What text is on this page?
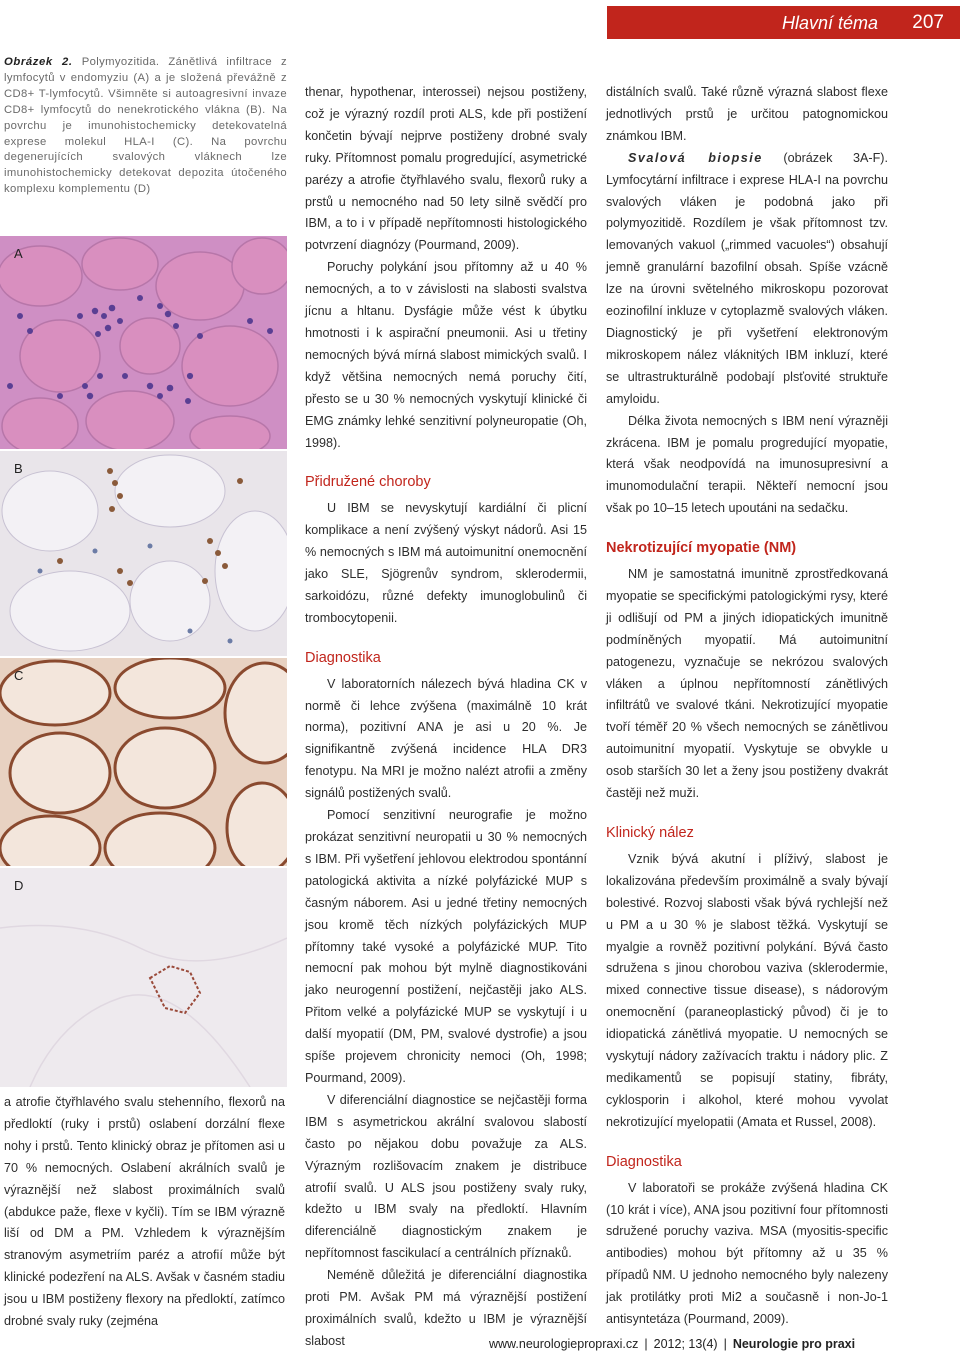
Hlavní téma 207
Obrázek 2. Polymyozitida. Zánětlivá infiltrace z lymfocytů v endomyziu (A) a je složená převážně z CD8+ T-lymfocytů. Všimněte si autoagresivní invaze CD8+ lymfocytů do nenekrotického vlákna (B). Na povrchu je imunohistochemicky detekovatelná exprese molekul HLA-I (C). Na povrchu degenerujících svalových vláknech lze imunohistochemicky detekovat depozita útočeného komplexu komplementu (D)
A
B
C
D

a atrofie čtyřhlavého svalu stehenního, flexorů na předloktí (ruky i prstů) oslabení dorzální flexe nohy i prstů. Tento klinický obraz je přítomen asi u 70 % nemocných. Oslabení akrálních svalů je výraznější než slabost proximálních svalů (abdukce paže, flexe v kyčli). Tím se IBM výrazně liší od DM a PM. Vzhledem k výraznějším stranovým asymetriím paréz a atrofií může být klinické podezření na ALS. Avšak v časném stadiu jsou u IBM postiženy flexory na předloktí, zatímco drobné svaly ruky (zejména

thenar, hypothenar, interossei) nejsou postiženy, což je výrazný rozdíl proti ALS, kde při postižení končetin bývají nejprve postiženy drobné svaly ruky. Přítomnost pomalu progredující, asymetrické parézy a atrofie čtyřhlavého svalu, flexorů ruky a prstů u nemocného nad 50 lety silně svědčí pro IBM, a to i v případě nepřítomnosti histologického potvrzení diagnózy (Pourmand, 2009).

Poruchy polykání jsou přítomny až u 40 % nemocných, a to v závislosti na slabosti svalstva jícnu a hltanu. Dysfágie může vést k úbytku hmotnosti i k aspirační pneumonii. Asi u třetiny nemocných bývá mírná slabost mimických svalů. I když většina nemocných nemá poruchy čití, přesto se u 30 % nemocných vyskytují klinické či EMG známky lehké senzitivní polyneuropatie (Oh, 1998).

Přidružené choroby

U IBM se nevyskytují kardiální či plicní komplikace a není zvýšený výskyt nádorů. Asi 15 % nemocných s IBM má autoimunitní onemocnění jako SLE, Sjögrenův syndrom, sklerodermii, sarkoidózu, různé defekty imunoglobulinů či trombocytopenii.

Diagnostika

V laboratorních nálezech bývá hladina CK v normě či lehce zvýšena (maximálně 10 krát norma), pozitivní ANA je asi u 20 %. Je signifikantně zvýšená incidence HLA DR3 fenotypu. Na MRI je možno nalézt atrofii a změny signálů postižených svalů.

Pomocí senzitivní neurografie je možno prokázat senzitivní neuropatii u 30 % nemocných s IBM. Při vyšetření jehlovou elektrodou spontánní patologická aktivita a nízké polyfázické MUP s časným náborem. Asi u jedné třetiny nemocných jsou kromě těch nízkých polyfázických MUP přítomny také vysoké a polyfázické MUP. Tito nemocní pak mohou být mylně diagnostikováni jako neurogenní postižení, nejčastěji jako ALS. Přitom velké a polyfázické MUP se vyskytují i u další myopatií (DM, PM, svalové dystrofie) a jsou spíše projevem chronicity nemoci (Oh, 1998; Pourmand, 2009).

V diferenciální diagnostice se nejčastěji forma IBM s asymetrickou akrální svalovou slabostí často po nějakou dobu považuje za ALS. Výrazným rozlišovacím znakem je distribuce atrofií svalů. U ALS jsou postiženy svaly ruky, kdežto u IBM svaly na předloktí. Hlavním diferenciálně diagnostickým znakem je nepřítomnost fascikulací a centrálních příznaků.

Neméně důležitá je diferenciální diagnostika proti PM. Avšak PM má výraznější postižení proximálních svalů, kdežto u IBM je výraznější slabost

distálních svalů. Také různě výrazná slabost flexe jednotlivých prstů je určitou patognomickou známkou IBM.

Svalová biopsie (obrázek 3A-F). Lymfocytární infiltrace i exprese HLA-I na povrchu svalových vláken je podobná jako při polymyozitidě. Rozdílem je však přítomnost tzv. lemovaných vakuol („rimmed vacuoles“) obsahují jemně granulární bazofilní obsah. Spíše vzácně lze na úrovni světelného mikroskopu pozorovat eozinofilní inkluze v cytoplazmě svalových vláken. Diagnostický je při vyšetření elektronovým mikroskopem nález vláknitých IBM inkluzí, které se ultrastrukturálně podobají plsťovité struktuře amyloidu.

Délka života nemocných s IBM není výrazněji zkrácena. IBM je pomalu progredující myopatie, která však neodpovídá na imunosupresivní a imunomodulační terapii. Někteří nemocní jsou však po 10–15 letech upoutáni na sedačku.

Nekrotizující myopatie (NM)

NM je samostatná imunitně zprostředkovaná myopatie se specifickými patologickými rysy, které ji odlišují od PM a jiných idiopatických imunitně podmíněných myopatií. Má autoimunitní patogenezu, vyznačuje se nekrózou svalových vláken a úplnou nepřítomností zánětlivých infiltrátů ve svalové tkáni. Nekrotizující myopatie tvoří téměř 20 % všech nemocných se zánětlivou autoimunitní myopatií. Vyskytuje se obvykle u osob starších 30 let a ženy jsou postiženy dvakrát častěji než muži.

Klinický nález

Vznik bývá akutní i plíživý, slabost je lokalizována především proximálně a svaly bývají bolestivé. Rozvoj slabosti však bývá rychlejší než u PM a u 30 % je slabost těžká. Vyskytují se myalgie a rovněž pozitivní polykání. Bývá často sdružena s jinou chorobou vaziva (sklerodermie, mixed connective tissue disease), s nádorovým onemocnění (paraneoplastický původ) či je to idiopatická zánětlivá myopatie. U nemocných se vyskytují nádory zažívacích traktu i nádory plic. Z medikamentů se popisují statiny, fibráty, cyklosporin i alkohol, které mohou vyvolat nekrotizující myelopatii (Amata et Russel, 2008).

Diagnostika

V laboratoři se prokáže zvýšená hladina CK (10 krát i více), ANA jsou pozitivní four přítomnosti sdružené poruchy vaziva. MSA (myositis-specific antibodies) mohou být přítomny až u 35 % případů NM. U jednoho nemocného byly nalezeny jak protilátky proti Mi2 a současně i non-Jo-1 antisyntetáza (Pourmand, 2009).

www.neurologiepropraxi.cz | 2012; 13(4) | Neurologie pro praxi
